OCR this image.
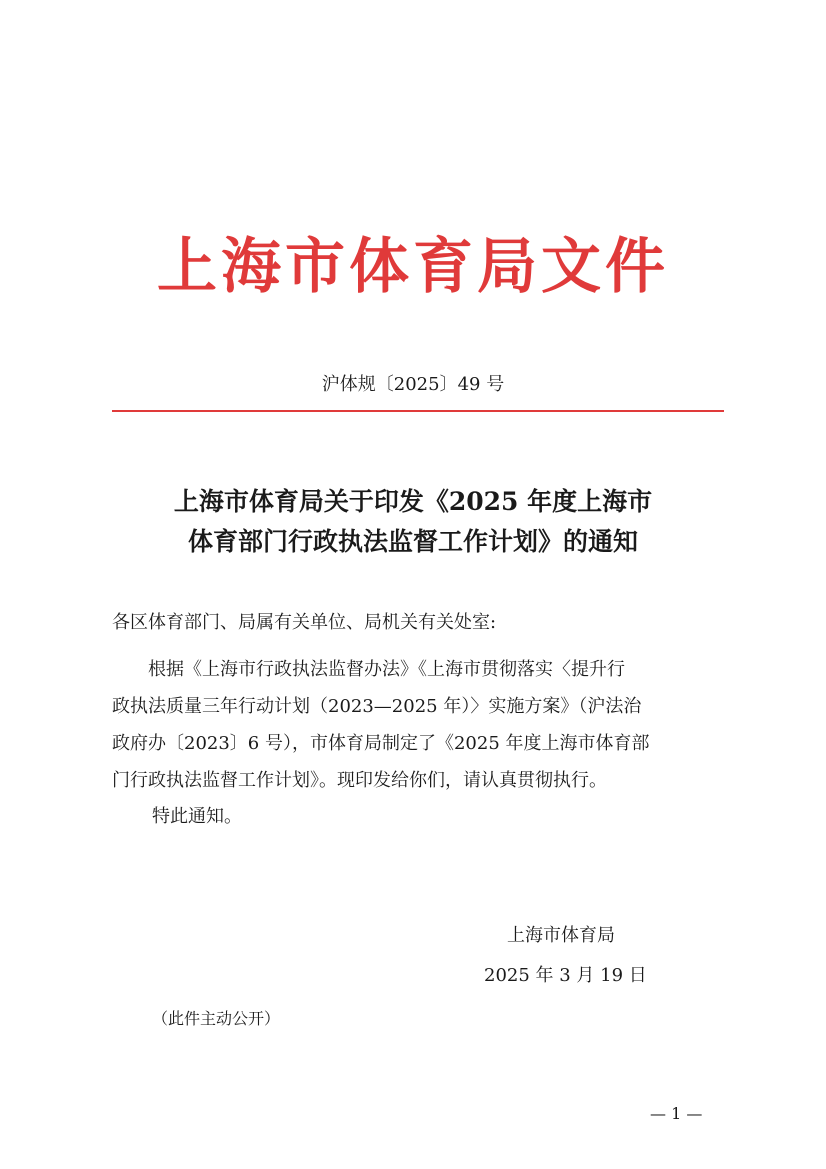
上海市体育局文件
沪体规〔2025〕49 号
上海市体育局关于印发《2025 年度上海市
体育部门行政执法监督工作计划》的通知
各区体育部门、局属有关单位、局机关有关处室:
　　根据《上海市行政执法监督办法》《上海市贯彻落实〈提升行
政执法质量三年行动计划（2023—2025 年）〉实施方案》（沪法治
政府办〔2023〕6 号），市体育局制定了《2025 年度上海市体育部
门行政执法监督工作计划》。现印发给你们，请认真贯彻执行。
特此通知。
上海市体育局
2025 年 3 月 19 日
（此件主动公开）
— 1 —
